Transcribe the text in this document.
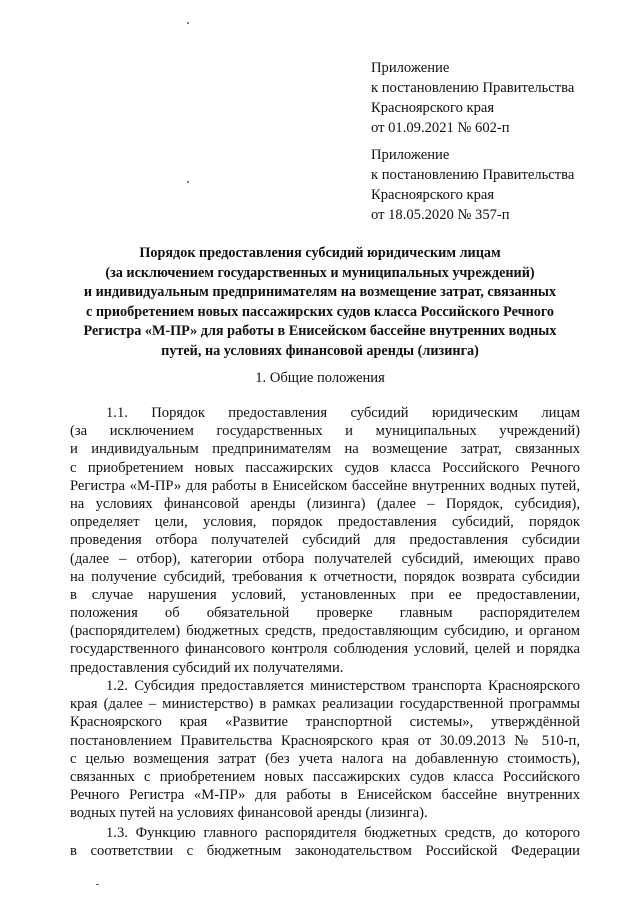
Приложение
к постановлению Правительства
Красноярского края
от 01.09.2021 № 602-п
Приложение
к постановлению Правительства
Красноярского края
от 18.05.2020 № 357-п
Порядок предоставления субсидий юридическим лицам
(за исключением государственных и муниципальных учреждений)
и индивидуальным предпринимателям на возмещение затрат, связанных
с приобретением новых пассажирских судов класса Российского Речного
Регистра «М-ПР» для работы в Енисейском бассейне внутренних водных
путей, на условиях финансовой аренды (лизинга)
1. Общие положения
1.1. Порядок предоставления субсидий юридическим лицам
(за исключением государственных и муниципальных учреждений)
и индивидуальным предпринимателям на возмещение затрат, связанных
с приобретением новых пассажирских судов класса Российского Речного
Регистра «М-ПР» для работы в Енисейском бассейне внутренних водных путей,
на условиях финансовой аренды (лизинга) (далее – Порядок, субсидия),
определяет цели, условия, порядок предоставления субсидий, порядок
проведения отбора получателей субсидий для предоставления субсидии
(далее – отбор), категории отбора получателей субсидий, имеющих право
на получение субсидий, требования к отчетности, порядок возврата субсидии
в случае нарушения условий, установленных при ее предоставлении,
положения об обязательной проверке главным распорядителем
(распорядителем) бюджетных средств, предоставляющим субсидию, и органом
государственного финансового контроля соблюдения условий, целей и порядка
предоставления субсидий их получателями.
1.2. Субсидия предоставляется министерством транспорта Красноярского
края (далее – министерство) в рамках реализации государственной программы
Красноярского края «Развитие транспортной системы», утверждённой
постановлением Правительства Красноярского края от 30.09.2013 № 510-п,
с целью возмещения затрат (без учета налога на добавленную стоимость),
связанных с приобретением новых пассажирских судов класса Российского
Речного Регистра «М-ПР» для работы в Енисейском бассейне внутренних
водных путей на условиях финансовой аренды (лизинга).
1.3. Функцию главного распорядителя бюджетных средств, до которого
в соответствии с бюджетным законодательством Российской Федерации
